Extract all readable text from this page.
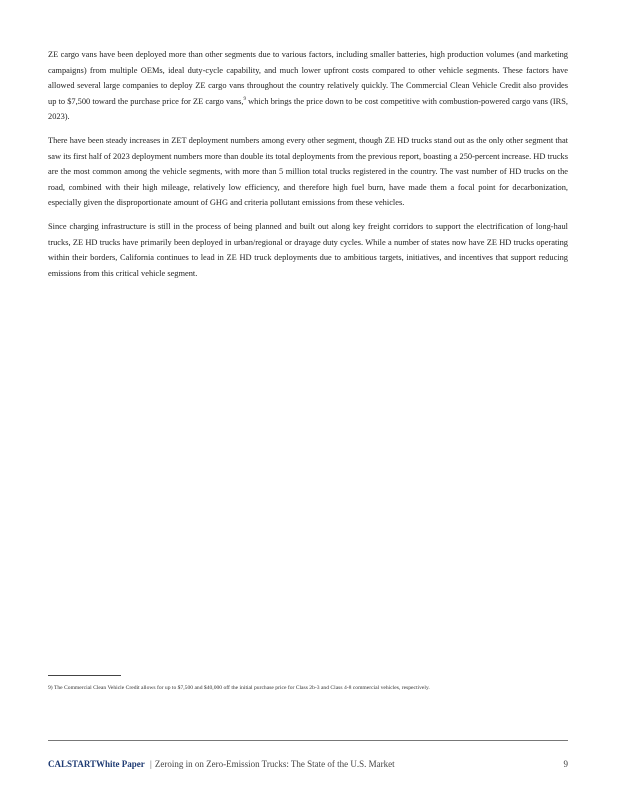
ZE cargo vans have been deployed more than other segments due to various factors, including smaller batteries, high production volumes (and marketing campaigns) from multiple OEMs, ideal duty-cycle capability, and much lower upfront costs compared to other vehicle segments. These factors have allowed several large companies to deploy ZE cargo vans throughout the country relatively quickly. The Commercial Clean Vehicle Credit also provides up to $7,500 toward the purchase price for ZE cargo vans,$^9$ which brings the price down to be cost competitive with combustion-powered cargo vans (IRS, 2023).

There have been steady increases in ZET deployment numbers among every other segment, though ZE HD trucks stand out as the only other segment that saw its first half of 2023 deployment numbers more than double its total deployments from the previous report, boasting a 250-percent increase. HD trucks are the most common among the vehicle segments, with more than 5 million total trucks registered in the country. The vast number of HD trucks on the road, combined with their high mileage, relatively low efficiency, and therefore high fuel burn, have made them a focal point for decarbonization, especially given the disproportionate amount of GHG and criteria pollutant emissions from these vehicles.

Since charging infrastructure is still in the process of being planned and built out along key freight corridors to support the electrification of long-haul trucks, ZE HD trucks have primarily been deployed in urban/regional or drayage duty cycles. While a number of states now have ZE HD trucks operating within their borders, California continues to lead in ZE HD truck deployments due to ambitious targets, initiatives, and incentives that support reducing emissions from this critical vehicle segment.

9) The Commercial Clean Vehicle Credit allows for up to $7,500 and $40,000 off the initial purchase price for Class 2b-3 and Class 4-8 commercial vehicles, respectively.
CALSTARTWhite Paper | Zeroing in on Zero-Emission Trucks: The State of the U.S. Market	9
